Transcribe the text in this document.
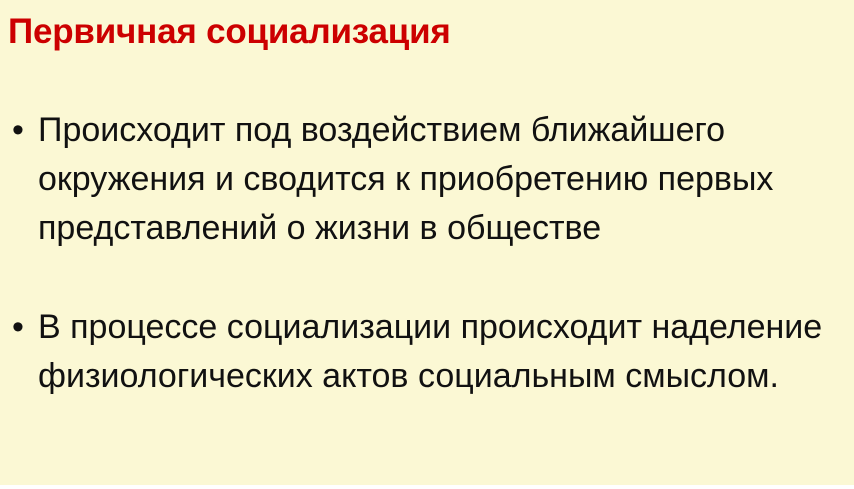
Первичная социализация
• Происходит под воздействием ближайшего окружения и сводится к приобретению первых представлений о жизни в обществе
• В процессе социализации происходит наделение физиологических актов социальным смыслом.
